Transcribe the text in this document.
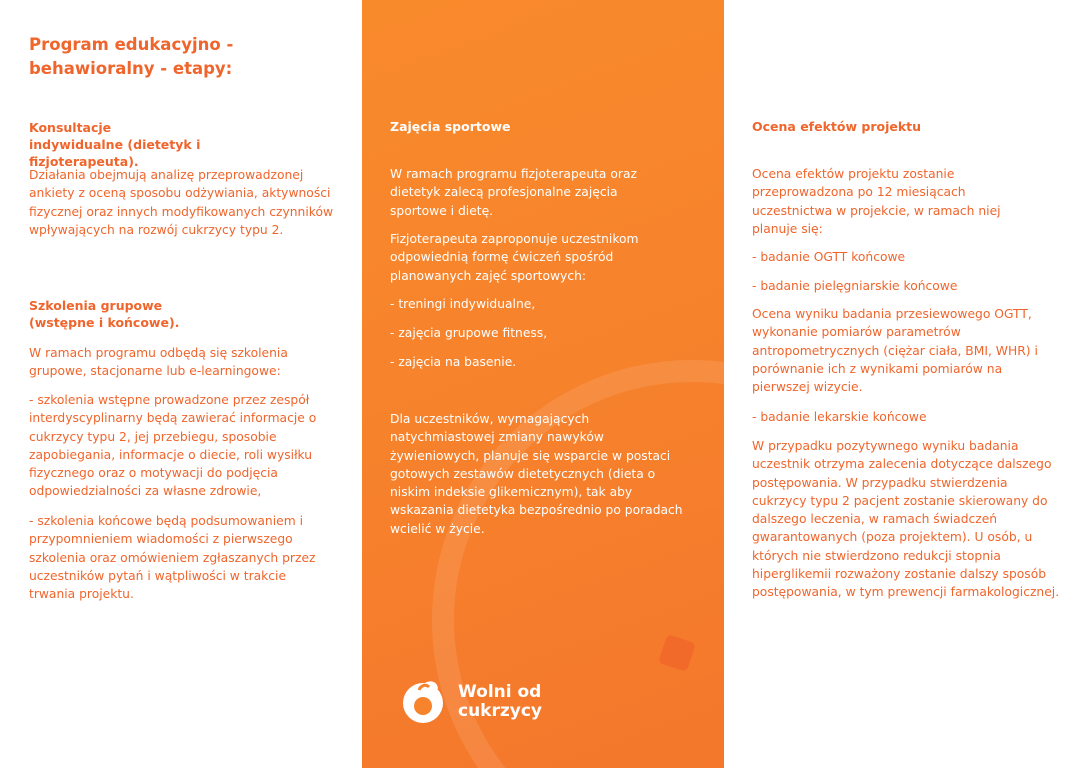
Program edukacyjno - behawioralny - etapy:

Konsultacje indywidualne (dietetyk i fizjoterapeuta).

Działania obejmują analizę przeprowadzonej ankiety z oceną sposobu odżywiania, aktywności fizycznej oraz innych modyfikowanych czynników wpływających na rozwój cukrzycy typu 2.

Szkolenia grupowe (wstępne i końcowe).

W ramach programu odbędą się szkolenia grupowe, stacjonarne lub e-learningowe:

- szkolenia wstępne prowadzone przez zespół interdyscyplinarny będą zawierać informacje o cukrzycy typu 2, jej przebiegu, sposobie zapobiegania, informacje o diecie, roli wysiłku fizycznego oraz o motywacji do podjęcia odpowiedzialności za własne zdrowie,

- szkolenia końcowe będą podsumowaniem i przypomnieniem wiadomości z pierwszego szkolenia oraz omówieniem zgłaszanych przez uczestników pytań i wątpliwości w trakcie trwania projektu.

Zajęcia sportowe

W ramach programu fizjoterapeuta oraz dietetyk zalecą profesjonalne zajęcia sportowe i dietę.

Fizjoterapeuta zaproponuje uczestnikom odpowiednią formę ćwiczeń spośród planowanych zajęć sportowych:

- treningi indywidualne,

- zajęcia grupowe fitness,

- zajęcia na basenie.

Dla uczestników, wymagających natychmiastowej zmiany nawyków żywieniowych, planuje się wsparcie w postaci gotowych zestawów dietetycznych (dieta o niskim indeksie glikemicznym), tak aby wskazania dietetyka bezpośrednio po poradach wcielić w życie.

Wolni od
cukrzycy

Ocena efektów projektu

Ocena efektów projektu zostanie przeprowadzona po 12 miesiącach uczestnictwa w projekcie, w ramach niej planuje się:

- badanie OGTT końcowe

- badanie pielęgniarskie końcowe

Ocena wyniku badania przesiewowego OGTT, wykonanie pomiarów parametrów antropometrycznych (ciężar ciała, BMI, WHR) i porównanie ich z wynikami pomiarów na pierwszej wizycie.

- badanie lekarskie końcowe

W przypadku pozytywnego wyniku badania uczestnik otrzyma zalecenia dotyczące dalszego postępowania. W przypadku stwierdzenia cukrzycy typu 2 pacjent zostanie skierowany do dalszego leczenia, w ramach świadczeń gwarantowanych (poza projektem). U osób, u których nie stwierdzono redukcji stopnia hiperglikemii rozważony zostanie dalszy sposób postępowania, w tym prewencji farmakologicznej.
